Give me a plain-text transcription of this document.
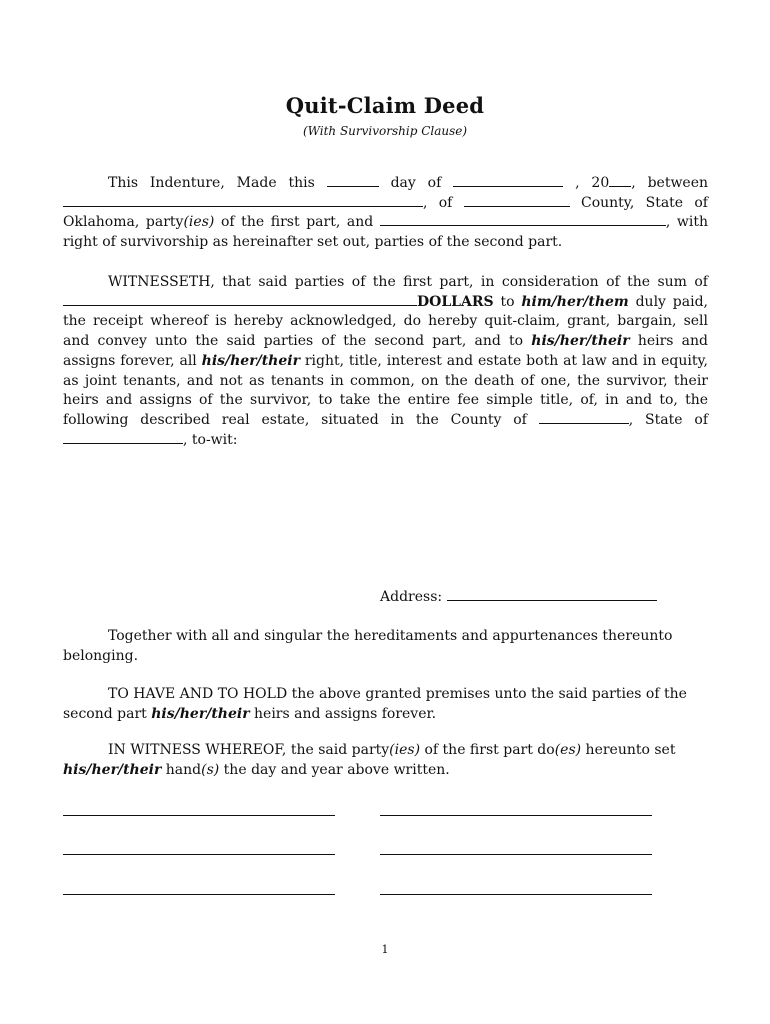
Quit-Claim Deed
(With Survivorship Clause)
This Indenture, Made this	day of	, 20 , between , of	County, State of Oklahoma, party(ies) of the first part, and	, with right of survivorship as hereinafter set out, parties of the second part.
WITNESSETH, that said parties of the first part, in consideration of the sum of DOLLARS to him/her/them duly paid, the receipt whereof is hereby acknowledged, do hereby quit-claim, grant, bargain, sell and convey unto the said parties of the second part, and to his/her/their heirs and assigns forever, all his/her/their right, title, interest and estate both at law and in equity, as joint tenants, and not as tenants in common, on the death of one, the survivor, their heirs and assigns of the survivor, to take the entire fee simple title, of, in and to, the following described real estate, situated in the County of	, State of , to-wit:
Address:
Together with all and singular the hereditaments and appurtenances thereunto belonging.
TO HAVE AND TO HOLD the above granted premises unto the said parties of the second part his/her/their heirs and assigns forever.
IN WITNESS WHEREOF, the said party(ies) of the first part do(es) hereunto set his/her/their hand(s) the day and year above written.
1
